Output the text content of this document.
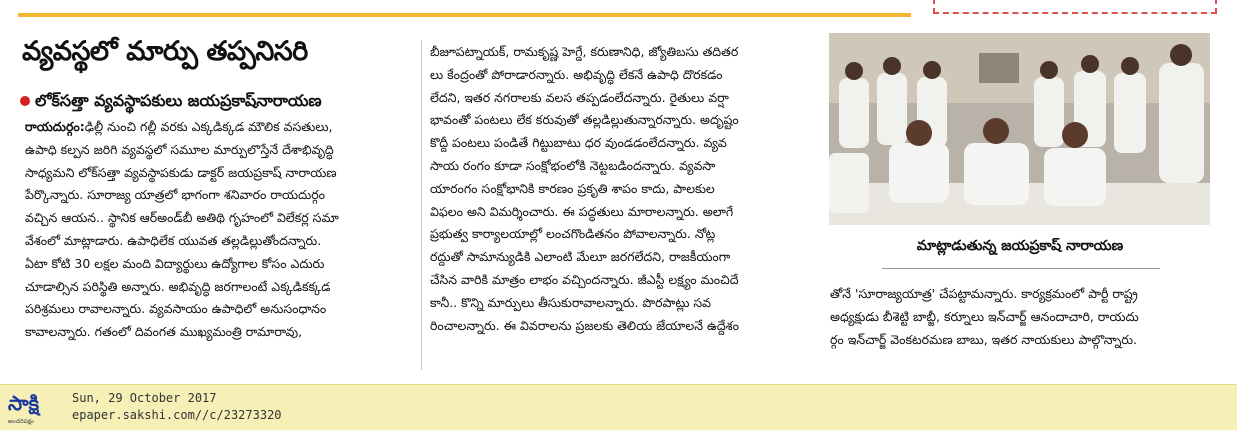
వ్యవస్థలో మార్పు తప్పనిసరి
లోక్‌సత్తా వ్యవస్థాపకులు జయప్రకాష్‌నారాయణ
రాయదుర్గం:ఢిల్లీ నుంచి గల్లీ వరకు ఎక్కడిక్కడ మౌలిక వసతులు,
ఉపాధి కల్పన జరిగి వ్యవస్థలో సమూల మార్పులొస్తేనే దేశాభివృద్ధి
సాధ్యమని లోక్‌సత్తా వ్యవస్థాపకుడు డాక్టర్ జయప్రకాష్ నారాయణ
పేర్కొన్నారు. సూరాజ్య యాత్రలో భాగంగా శనివారం రాయదుర్గం
వచ్చిన ఆయన.. స్థానిక ఆర్‌అండ్‌బీ అతిథి గృహంలో విలేకర్ల సమా
వేశంలో మాట్లాడారు. ఉపాధిలేక యువత తల్లడిల్లుతోందన్నారు.
ఏటా కోటి 30 లక్షల మంది విద్యార్థులు ఉద్యోగాల కోసం ఎదురు
చూడాల్సిన పరిస్థితి అన్నారు. అభివృద్ధి జరగాలంటే ఎక్కడికక్కడ
పరిశ్రమలు రావాలన్నారు. వ్యవసాయం ఉపాధిలో అనుసంధానం
కావాలన్నారు. గతంలో దివంగత ముఖ్యమంత్రి రామారావు,
బీజూపట్నాయక్, రామకృష్ణ హెగ్డే, కరుణానిధి, జ్యోతిబసు తదితర
లు కేంద్రంతో పోరాడారన్నారు. అభివృద్ధి లేకనే ఉపాధి దొరకడం
లేదని, ఇతర నగరాలకు వలస తప్పడంలేదన్నారు. రైతులు వర్షా
భావంతో పంటలు లేక కరువుతో తల్లడిల్లుతున్నారన్నారు. అదృష్టం
కొద్దీ పంటలు పండితే గిట్టుబాటు ధర వుండడంలేదన్నారు. వ్యవ
సాయ రంగం కూడా సంక్షోభంలోకి నెట్టబడిందన్నారు. వ్యవసా
యారంగం సంక్షోభానికి కారణం ప్రకృతి శాపం కాదు, పాలకుల
విఫలం అని విమర్శించారు. ఈ పద్ధతులు మారాలన్నారు. అలాగే
ప్రభుత్వ కార్యాలయాల్లో లంచగొండితనం పోవాలన్నారు. నోట్ల
రద్దుతో సామాన్యుడికి ఎలాంటి మేలూ జరగలేదని, రాజకీయంగా
చేసిన వారికి మాత్రం లాభం వచ్చిందన్నారు. జీఎస్టీ లక్ష్యం మంచిదే
కానీ.. కొన్ని మార్పులు తీసుకురావాలన్నారు. పొరపాట్లు సవ
రించాలన్నారు. ఈ వివరాలను ప్రజలకు తెలియ జేయాలనే ఉద్దేశం
మాట్లాడుతున్న జయప్రకాష్ నారాయణ
తోనే 'సూరాజ్యయాత్ర' చేపట్టామన్నారు. కార్యక్రమంలో పార్టీ రాష్ట్ర
అధ్యక్షుడు బీశెట్టి బాబ్జీ, కర్నూలు ఇన్‌చార్జ్ ఆనందాచారి, రాయదు
ర్గం ఇన్‌చార్జ్ వెంకటరమణ బాబు, ఇతర నాయకులు పాల్గొన్నారు.
సాక్షి
అందరిపక్షం
Sun, 29 October 2017
epaper.sakshi.com//c/23273320
